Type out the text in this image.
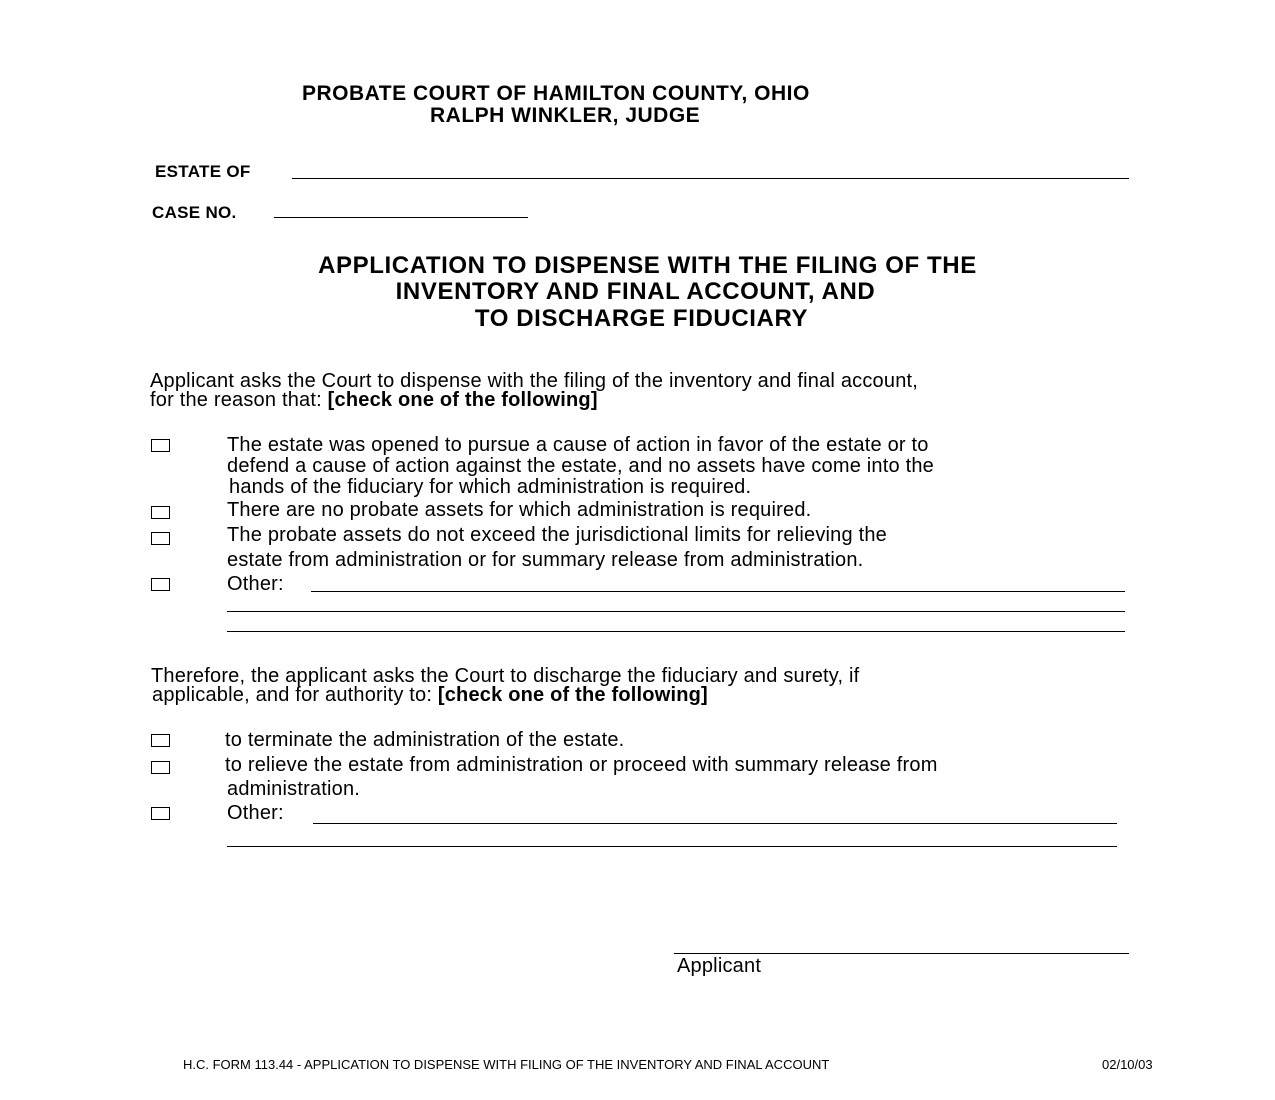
PROBATE COURT OF HAMILTON COUNTY, OHIO
RALPH WINKLER, JUDGE
ESTATE OF
CASE NO.
APPLICATION TO DISPENSE WITH THE FILING OF THE
INVENTORY AND FINAL ACCOUNT, AND
TO DISCHARGE FIDUCIARY
Applicant asks the Court to dispense with the filing of the inventory and final account,
for the reason that: [check one of the following]
The estate was opened to pursue a cause of action in favor of the estate or to
defend a cause of action against the estate, and no assets have come into the
hands of the fiduciary for which administration is required.
There are no probate assets for which administration is required.
The probate assets do not exceed the jurisdictional limits for relieving the
estate from administration or for summary release from administration.
Other:
Therefore, the applicant asks the Court to discharge the fiduciary and surety, if
applicable, and for authority to: [check one of the following]
to terminate the administration of the estate.
to relieve the estate from administration or proceed with summary release from
administration.
Other:
Applicant
H.C. FORM 113.44 - APPLICATION TO DISPENSE WITH FILING OF THE INVENTORY AND FINAL ACCOUNT	02/10/03
